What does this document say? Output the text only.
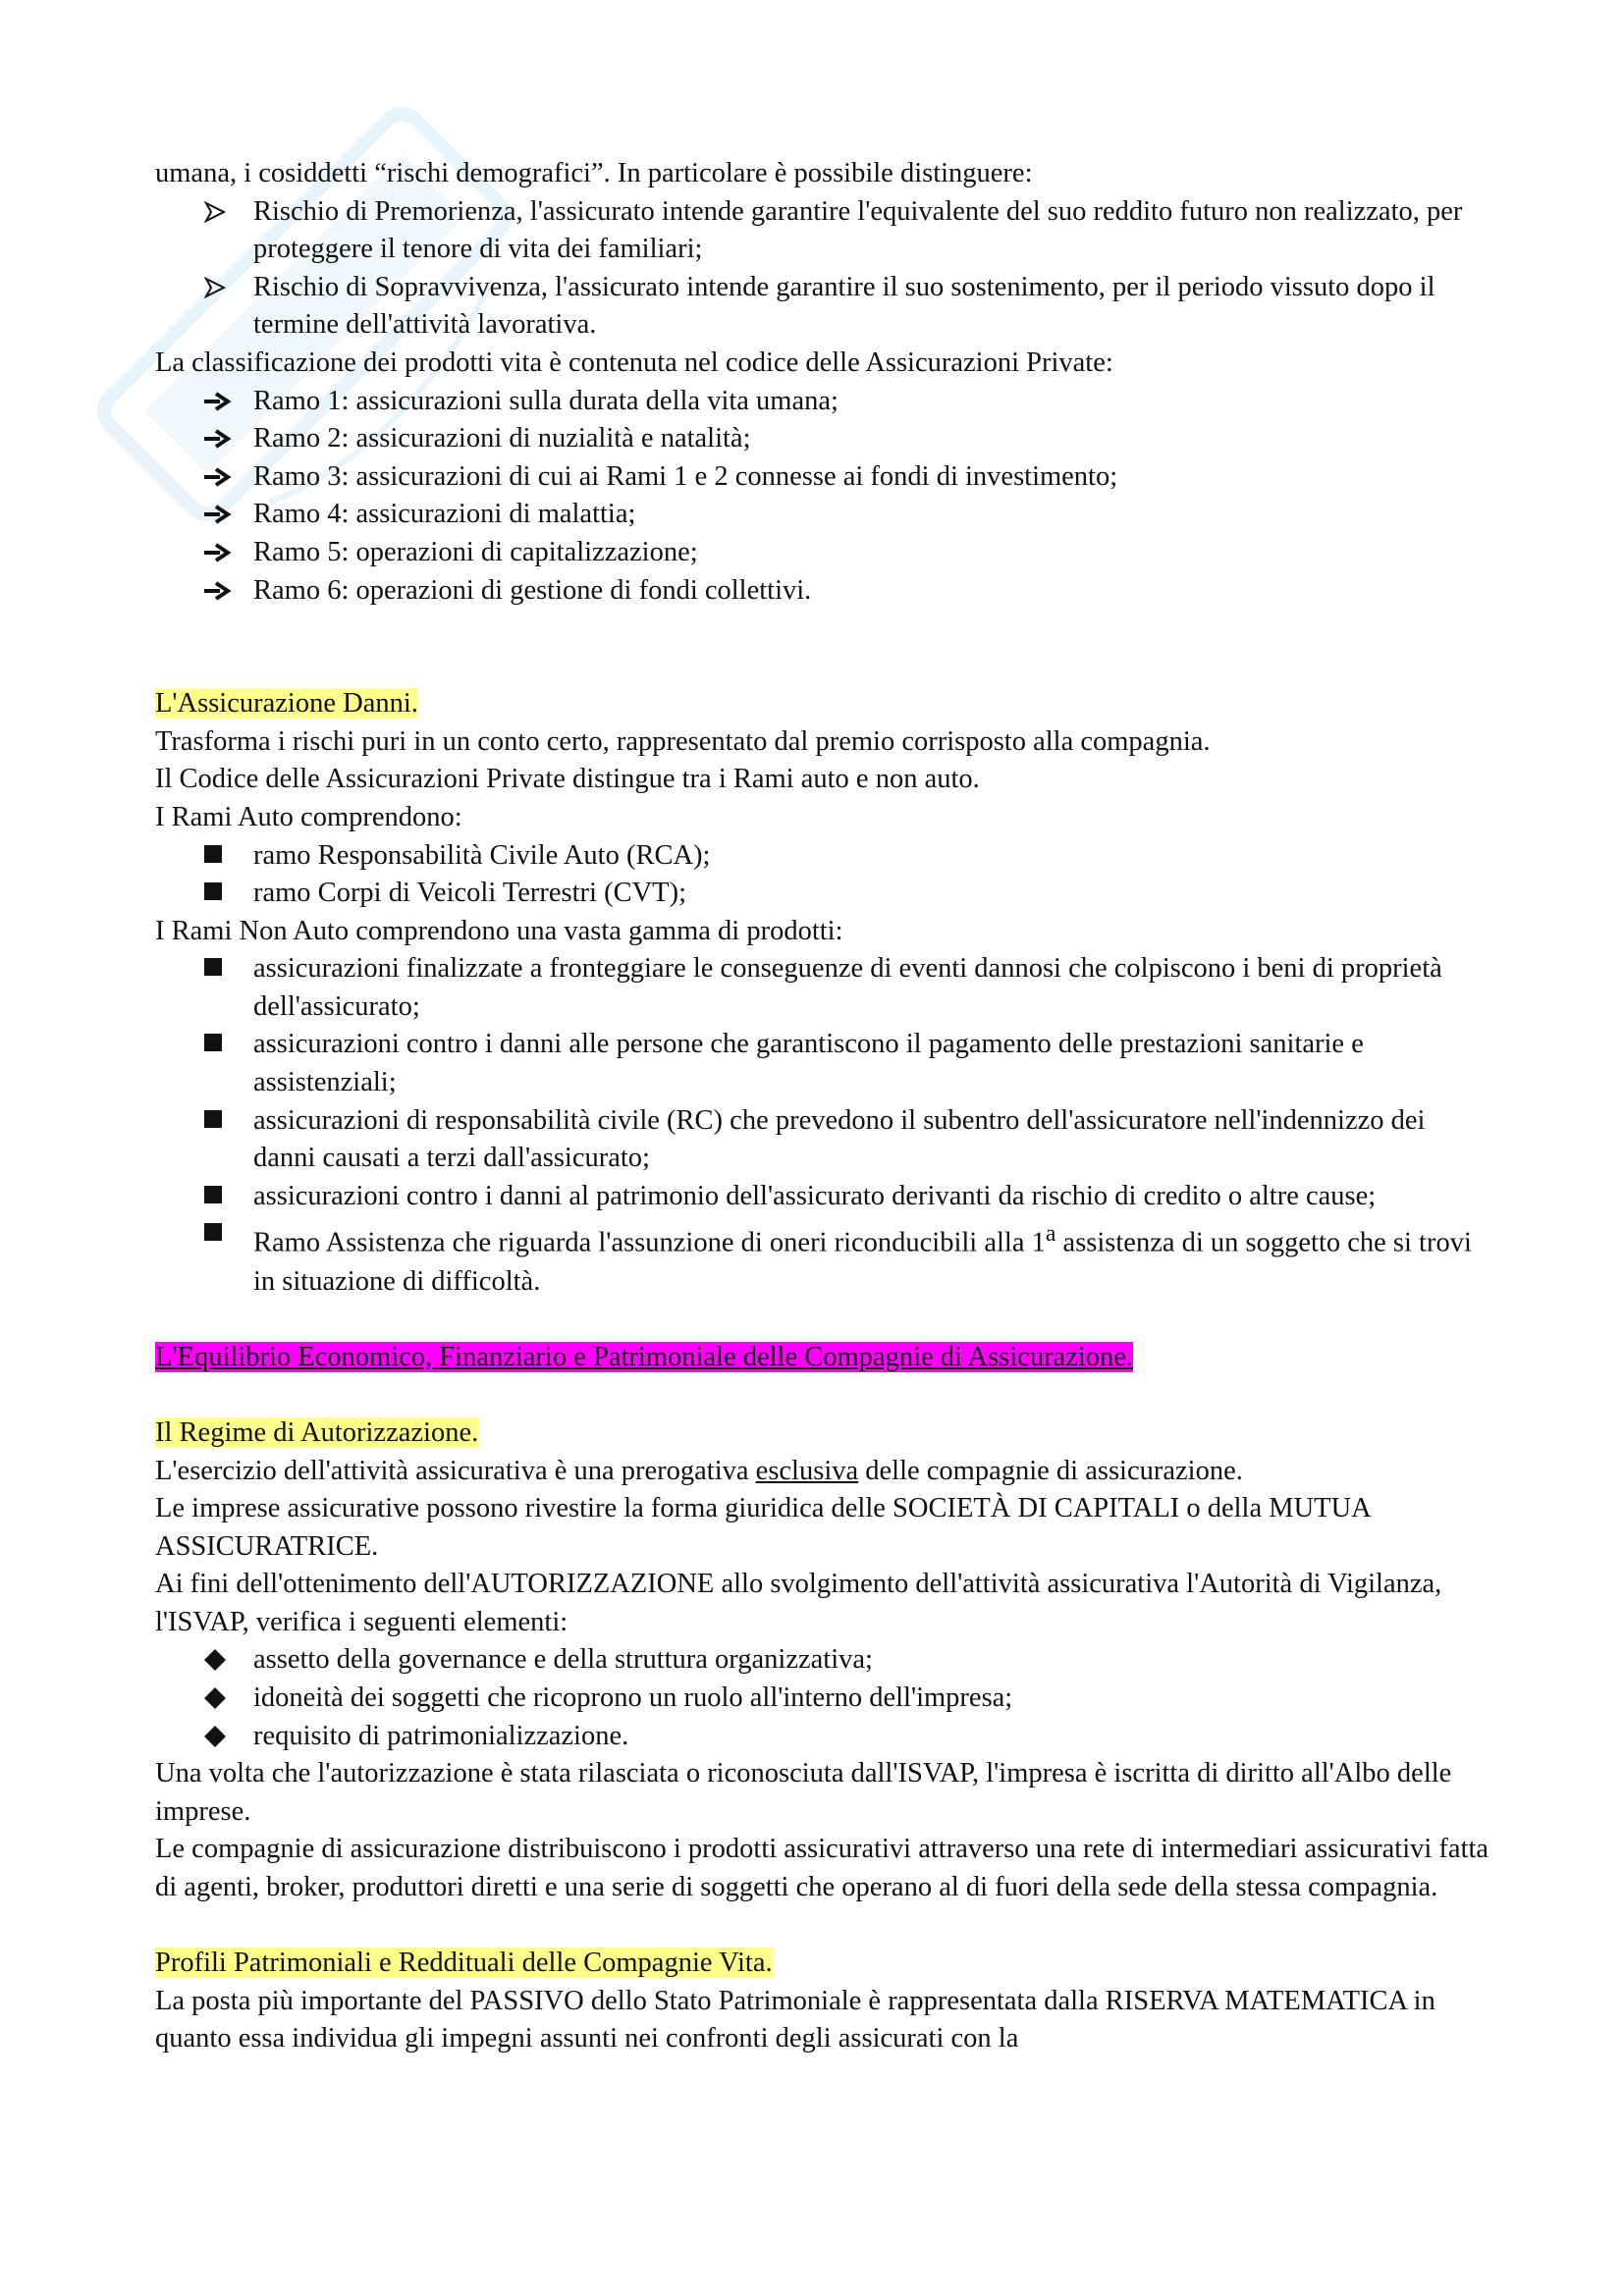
umana, i cosiddetti “rischi demografici”. In particolare è possibile distinguere:

Rischio di Premorienza, l'assicurato intende garantire l'equivalente del suo reddito futuro non realizzato, per proteggere il tenore di vita dei familiari;
Rischio di Sopravvivenza, l'assicurato intende garantire il suo sostenimento, per il periodo vissuto dopo il termine dell'attività lavorativa.

La classificazione dei prodotti vita è contenuta nel codice delle Assicurazioni Private:

Ramo 1: assicurazioni sulla durata della vita umana;
Ramo 2: assicurazioni di nuzialità e natalità;
Ramo 3: assicurazioni di cui ai Rami 1 e 2 connesse ai fondi di investimento;
Ramo 4: assicurazioni di malattia;
Ramo 5: operazioni di capitalizzazione;
Ramo 6: operazioni di gestione di fondi collettivi.

L'Assicurazione Danni.

Trasforma i rischi puri in un conto certo, rappresentato dal premio corrisposto alla compagnia.

Il Codice delle Assicurazioni Private distingue tra i Rami auto e non auto.

I Rami Auto comprendono:

ramo Responsabilità Civile Auto (RCA);
ramo Corpi di Veicoli Terrestri (CVT);

I Rami Non Auto comprendono una vasta gamma di prodotti:

assicurazioni finalizzate a fronteggiare le conseguenze di eventi dannosi che colpiscono i beni di proprietà dell'assicurato;
assicurazioni contro i danni alle persone che garantiscono il pagamento delle prestazioni sanitarie e assistenziali;
assicurazioni di responsabilità civile (RC) che prevedono il subentro dell'assicuratore nell'indennizzo dei danni causati a terzi dall'assicurato;
assicurazioni contro i danni al patrimonio dell'assicurato derivanti da rischio di credito o altre cause;
Ramo Assistenza che riguarda l'assunzione di oneri riconducibili alla 1$^a$ assistenza di un soggetto che si trovi in situazione di difficoltà.

L'Equilibrio Economico, Finanziario e Patrimoniale delle Compagnie di Assicurazione.

Il Regime di Autorizzazione.

L'esercizio dell'attività assicurativa è una prerogativa esclusiva delle compagnie di assicurazione.

Le imprese assicurative possono rivestire la forma giuridica delle SOCIETÀ DI CAPITALI o della MUTUA ASSICURATRICE.

Ai fini dell'ottenimento dell'AUTORIZZAZIONE allo svolgimento dell'attività assicurativa l'Autorità di Vigilanza, l'ISVAP, verifica i seguenti elementi:

assetto della governance e della struttura organizzativa;
idoneità dei soggetti che ricoprono un ruolo all'interno dell'impresa;
requisito di patrimonializzazione.

Una volta che l'autorizzazione è stata rilasciata o riconosciuta dall'ISVAP, l'impresa è iscritta di diritto all'Albo delle imprese.

Le compagnie di assicurazione distribuiscono i prodotti assicurativi attraverso una rete di intermediari assicurativi fatta di agenti, broker, produttori diretti e una serie di soggetti che operano al di fuori della sede della stessa compagnia.

Profili Patrimoniali e Reddituali delle Compagnie Vita.

La posta più importante del PASSIVO dello Stato Patrimoniale è rappresentata dalla RISERVA MATEMATICA in quanto essa individua gli impegni assunti nei confronti degli assicurati con la
